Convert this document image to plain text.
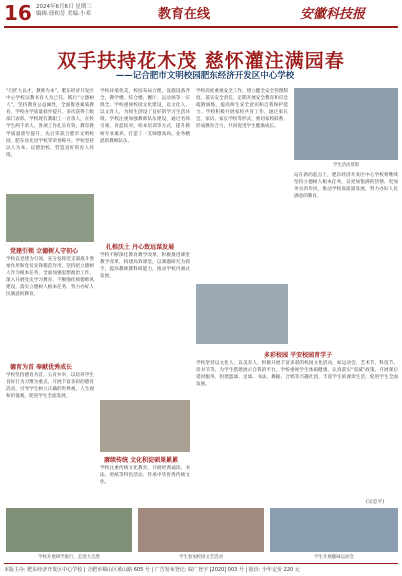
16 2024年6月6日 星期三
编辑:徐和芳 美编:小邓	教育在线	安徽科技报
双手扶持花木茂 慈怀灌注满园春
——记合肥市文明校园肥东经济开发区中心学校
“巧匠大以才，教师为本”。肥东经济开发区中心学校以教书育人为己任，践行“立德树人”，坚持教育公益属性，全面推进素质教育，学校办学质量稳步提升，多次获得上级部门表彰。学校现有教职工一百余人，在校学生两千余人，各项工作扎实有效，教育教学质量逐年提升，先后荣获合肥市文明校园、肥东县先进学校等荣誉称号。学校坚持以人为本，以德治校，营造良好的育人环境。
党建引领 立德树人守初心
学校以党建为引领，充分发挥党支部战斗堡垒作用和党员先锋模范作用，坚持把立德树人作为根本任务，全面加强思想政治工作，深入开展党史学习教育，不断强化师德师风建设，落实立德树人根本任务，努力办好人民满意的教育。
德育为首 奉献优秀成长
学校坚持德育为首，五育并举，以培养学生良好行为习惯为重点，开展丰富多彩的德育活动，引导学生树立正确的世界观、人生观和价值观，促进学生全面发展。
学校环境优美，校园布局合理，设施设备齐全，教学楼、综合楼、餐厅、运动场等一应俱全。学校重视校园文化建设，以文化人，以文育人，为师生创设了良好的学习生活环境。学校注重加强教师队伍建设，通过名师引领、青蓝结对、校本培训等方式，提升教师专业素养，打造了一支师德高尚、业务精湛的教师队伍。
扎根沃土 丹心致远谋发展
学校不断深化教育教学改革，积极推进课堂教学改革，构建高效课堂，以课题研究为抓手，提高教师教科研能力，推动学校内涵式发展。
赓续传统 文化积淀硕果累累
学校注重传统文化教育，开展经典诵读、书法、剪纸等特色活动，传承中华优秀传统文化。
学校高度重视安全工作，建立健全安全管理制度，落实安全责任，定期开展安全教育和应急疏散演练，提高师生安全意识和自我保护能力。学校积极开展家校共育工作，通过家长会、家访、家长学校等形式，密切家校联系，形成教育合力，共同促进学生健康成长。
学生活动剪影
站在新的起点上，肥东经济开发区中心学校将继续坚持立德树人根本任务，以更加饱满的热情、更加务实的作风，推动学校高质量发展，努力办好人民满意的教育。
多彩校园 平安校园育学子
学校坚持以文化人，以美育人，积极开展丰富多彩的校园文化活动，如运动会、艺术节、科技节、读书节等，为学生搭建展示自我的平台。学校重视学生体质健康，认真落实“双减”政策，开展课后延时服务，组建篮球、足球、书法、舞蹈、合唱等兴趣社团，丰富学生的课余生活，促进学生全面发展。
(吴忠平)
学校开展研学旅行，走进大自然	学生参加校园文艺活动	学生开展趣味运动会
本版主办: 肥东经济开发区中心学校 | 合肥市蜀山区黄山路 605 号 | 广告发布登记: 皖广登字 [2020] 003 号 | 报价: 全年定价 220 元
